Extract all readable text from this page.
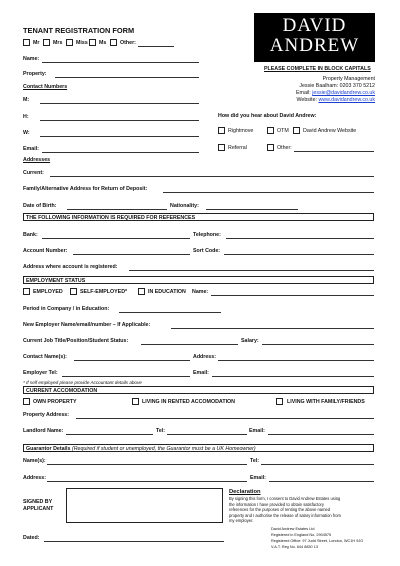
TENANT REGISTRATION FORM
Mr	Mrs	Miss Ms	Other:
DAVID
ANDREW
PLEASE COMPLETE IN BLOCK CAPITALS
Property Management
Jessie Baalham: 0203 370 5212
Email: jessie@davidandrew.co.uk
Website: www.davidandrew.co.uk
Name:
Property:
Contact Numbers
M:
H:
W:
Email:
How did you hear about David Andrew:
Rightmove	OTM	David Andrew Website
Referral	Other:
Addresses
Current:
Family/Alternative Address for Return of Deposit:
Date of Birth:	Nationality:
THE FOLLOWING INFORMATION IS REQUIRED FOR REFERENCES
Bank:	Telephone:
Account Number:	Sort Code:
Address where account is registered:
EMPLOYMENT STATUS
EMPLOYED	SELF-EMPLOYED*	IN EDUCATION Name:
Period in Company / in Education:
New Employer Name/email/number – If Applicable:
Current Job Title/Position/Student Status:	Salary:
Contact Name(s):	Address:
Employer Tel:	Email:
* If self employed please provide Accountant details above
CURRENT ACCOMODATION
OWN PROPERTY	LIVING IN RENTED ACCOMODATION	LIVING WITH FAMILY/FRIENDS
Property Address:
Landlord Name:	Tel:	Email:
Guarantor Details (Required if student or unemployed, the Guarantor must be a UK Homeowner)
Name(s):	Tel:
Address:	Email:
SIGNED BY
APPLICANT
Dated:
Declaration
By signing this form, I consent to David Andrew Estates using
the information I have provided to obtain satisfactory
references for the purposes of renting the above named
property and I authorise the release of salary information from
my employer.
David Andrew Estates Ltd
Registered in England No. 2904575
Registered Office: 97 Judd Street, London, WC1H 9JG
V.A.T. Reg No. 644 8830 13
